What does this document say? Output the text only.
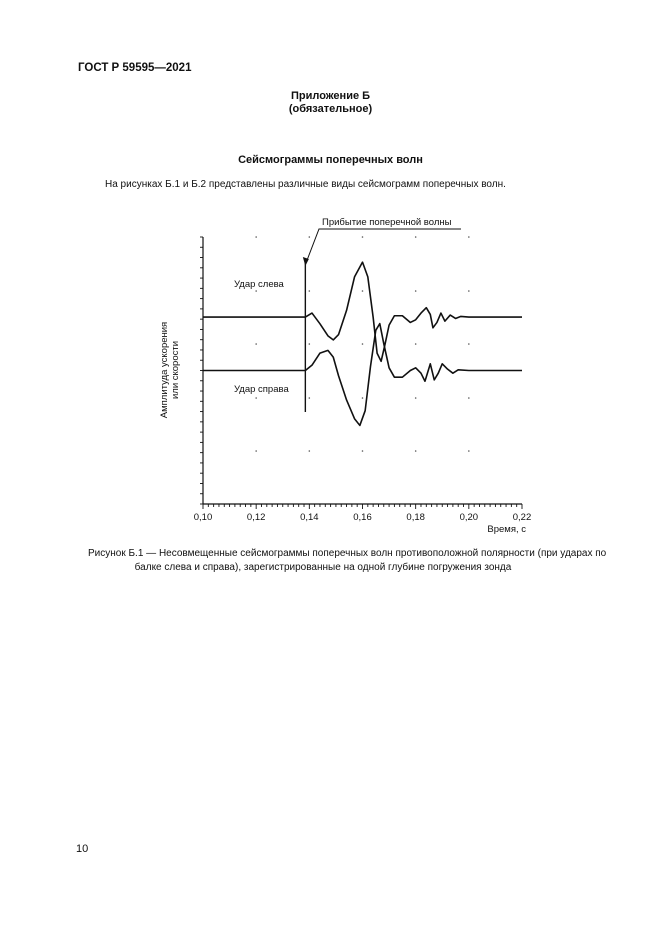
ГОСТ Р 59595—2021
Приложение Б
(обязательное)
Сейсмограммы поперечных волн
На рисунках Б.1 и Б.2 представлены различные виды сейсмограмм поперечных волн.
0,10	0,12	0,14	0,16	0,18	0,20	0,22
Время, с
Амплитуда ускорения или скорости
Прибытие поперечной волны
Удар слева
Удар справа
Рисунок Б.1 — Несовмещенные сейсмограммы поперечных волн противоположной полярности (при ударах по
балке слева и справа), зарегистрированные на одной глубине погружения зонда
10
